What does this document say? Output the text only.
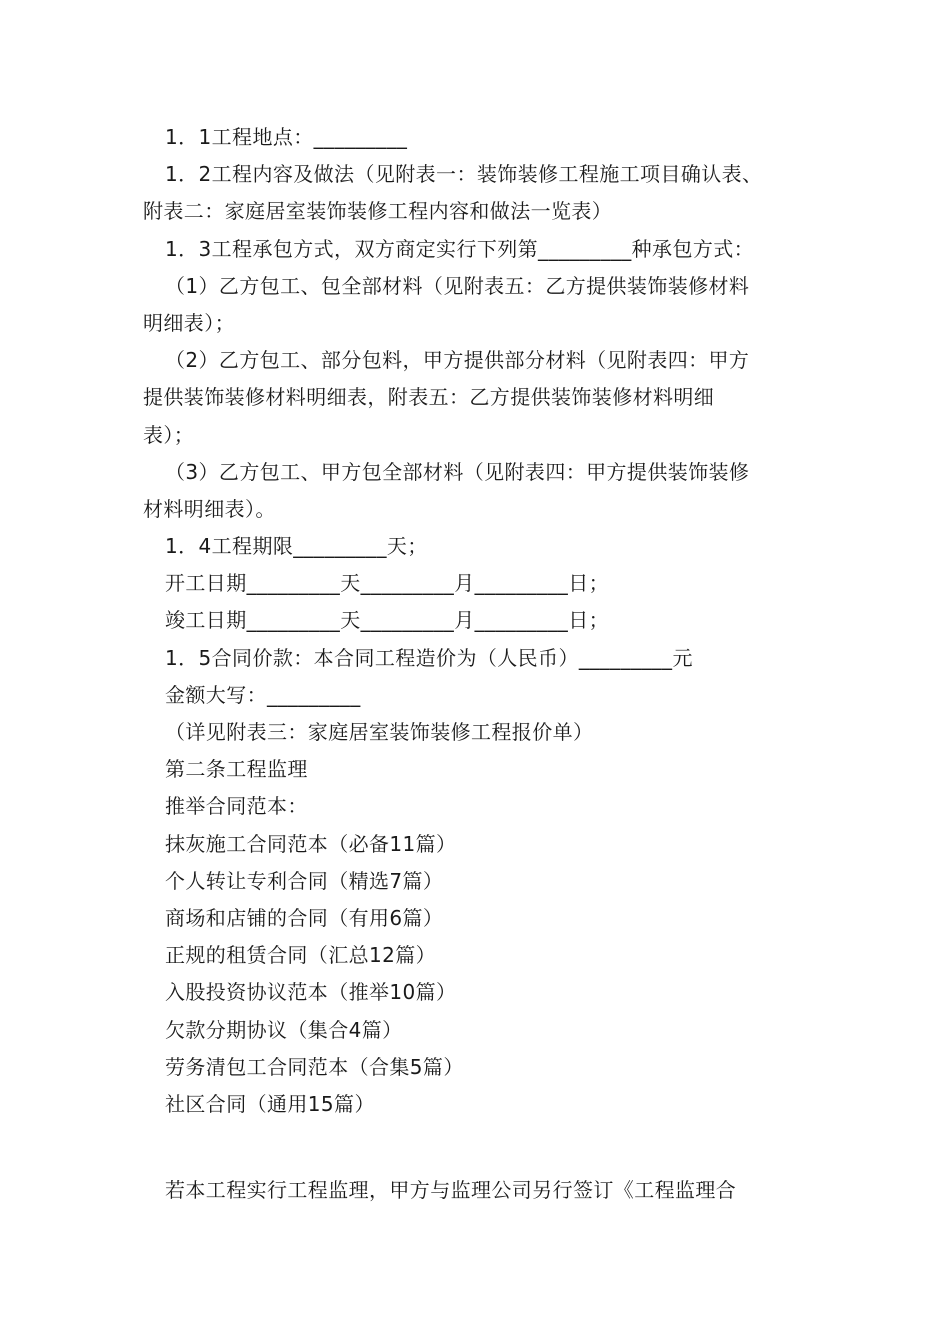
1．1工程地点：_________
1．2工程内容及做法（见附表一：装饰装修工程施工项目确认表、
附表二：家庭居室装饰装修工程内容和做法一览表）
1．3工程承包方式，双方商定实行下列第_________种承包方式：
（1）乙方包工、包全部材料（见附表五：乙方提供装饰装修材料
明细表）；
（2）乙方包工、部分包料，甲方提供部分材料（见附表四：甲方
提供装饰装修材料明细表，附表五：乙方提供装饰装修材料明细
表）；
（3）乙方包工、甲方包全部材料（见附表四：甲方提供装饰装修
材料明细表）。
1．4工程期限_________天；
开工日期_________天_________月_________日；
竣工日期_________天_________月_________日；
1．5合同价款：本合同工程造价为（人民币）_________元
金额大写：_________
（详见附表三：家庭居室装饰装修工程报价单）
第二条工程监理
推举合同范本：
抹灰施工合同范本（必备11篇）
个人转让专利合同（精选7篇）
商场和店铺的合同（有用6篇）
正规的租赁合同（汇总12篇）
入股投资协议范本（推举10篇）
欠款分期协议（集合4篇）
劳务清包工合同范本（合集5篇）
社区合同（通用15篇）
若本工程实行工程监理，甲方与监理公司另行签订《工程监理合
